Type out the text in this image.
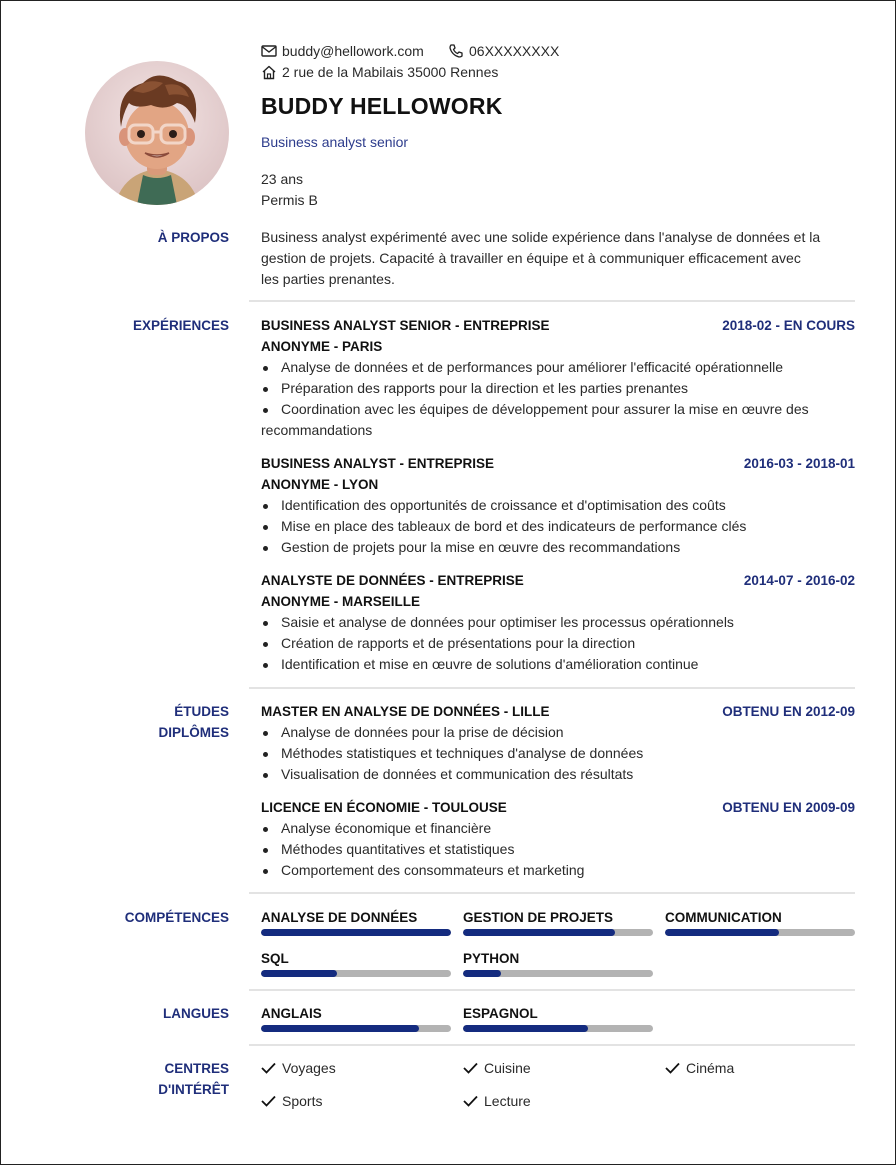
buddy@hellowork.com	06XXXXXXXX
2 rue de la Mabilais 35000 Rennes
BUDDY HELLOWORK
Business analyst senior
23 ans
Permis B
À PROPOS Business analyst expérimenté avec une solide expérience dans l'analyse de données et la
gestion de projets. Capacité à travailler en équipe et à communiquer efficacement avec
les parties prenantes.
EXPÉRIENCES BUSINESS ANALYST SENIOR - ENTREPRISE	2018-02 - EN COURS
ANONYME - PARIS
Analyse de données et de performances pour améliorer l'efficacité opérationnelle
Préparation des rapports pour la direction et les parties prenantes
Coordination avec les équipes de développement pour assurer la mise en œuvre des
recommandations
BUSINESS ANALYST - ENTREPRISE	2016-03 - 2018-01
ANONYME - LYON
Identification des opportunités de croissance et d'optimisation des coûts
Mise en place des tableaux de bord et des indicateurs de performance clés
Gestion de projets pour la mise en œuvre des recommandations
ANALYSTE DE DONNÉES - ENTREPRISE	2014-07 - 2016-02
ANONYME - MARSEILLE
Saisie et analyse de données pour optimiser les processus opérationnels
Création de rapports et de présentations pour la direction
Identification et mise en œuvre de solutions d'amélioration continue
ÉTUDES
DIPLÔMES
MASTER EN ANALYSE DE DONNÉES - LILLE	OBTENU EN 2012-09
Analyse de données pour la prise de décision
Méthodes statistiques et techniques d'analyse de données
Visualisation de données et communication des résultats
LICENCE EN ÉCONOMIE - TOULOUSE	OBTENU EN 2009-09
Analyse économique et financière
Méthodes quantitatives et statistiques
Comportement des consommateurs et marketing
COMPÉTENCES ANALYSE DE DONNÉES	GESTION DE PROJETS	COMMUNICATION
SQL	PYTHON
LANGUES ANGLAIS	ESPAGNOL
CENTRES
D'INTÉRÊT
Voyages	Cuisine	Cinéma
Sports	Lecture
